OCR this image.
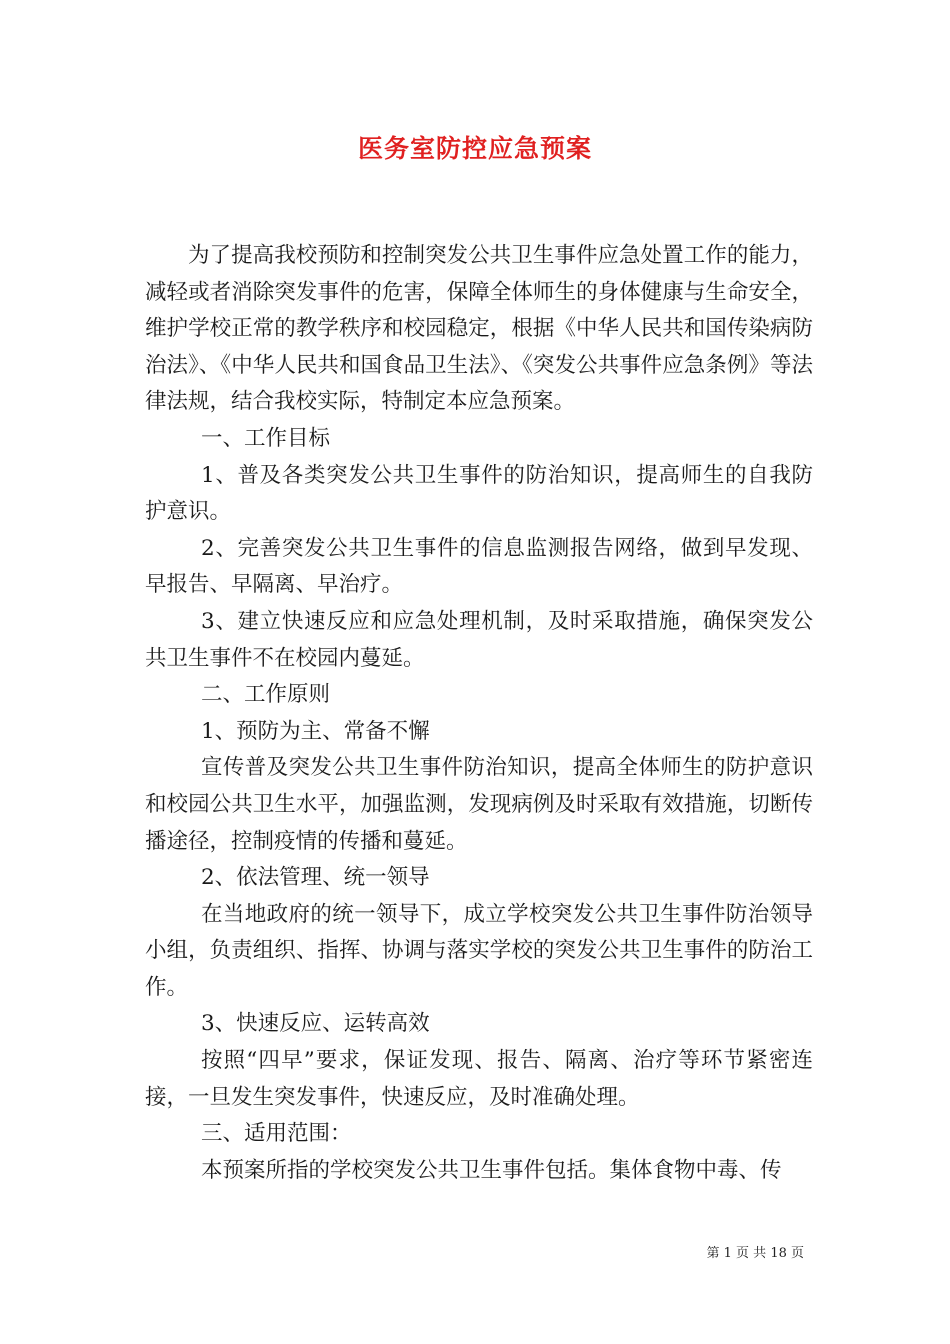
医务室防控应急预案

为了提高我校预防和控制突发公共卫生事件应急处置工作的能力，减轻或者消除突发事件的危害，保障全体师生的身体健康与生命安全，维护学校正常的教学秩序和校园稳定，根据《中华人民共和国传染病防治法》、《中华人民共和国食品卫生法》、《突发公共事件应急条例》等法律法规，结合我校实际，特制定本应急预案。

一、工作目标

1、普及各类突发公共卫生事件的防治知识，提高师生的自我防护意识。

2、完善突发公共卫生事件的信息监测报告网络，做到早发现、早报告、早隔离、早治疗。

3、建立快速反应和应急处理机制，及时采取措施，确保突发公共卫生事件不在校园内蔓延。

二、工作原则

1、预防为主、常备不懈

宣传普及突发公共卫生事件防治知识，提高全体师生的防护意识和校园公共卫生水平，加强监测，发现病例及时采取有效措施，切断传播途径，控制疫情的传播和蔓延。

2、依法管理、统一领导

在当地政府的统一领导下，成立学校突发公共卫生事件防治领导小组，负责组织、指挥、协调与落实学校的突发公共卫生事件的防治工作。

3、快速反应、运转高效

按照“四早”要求，保证发现、报告、隔离、治疗等环节紧密连接，一旦发生突发事件，快速反应，及时准确处理。

三、适用范围：

本预案所指的学校突发公共卫生事件包括。集体食物中毒、传

第 1 页 共 18 页
